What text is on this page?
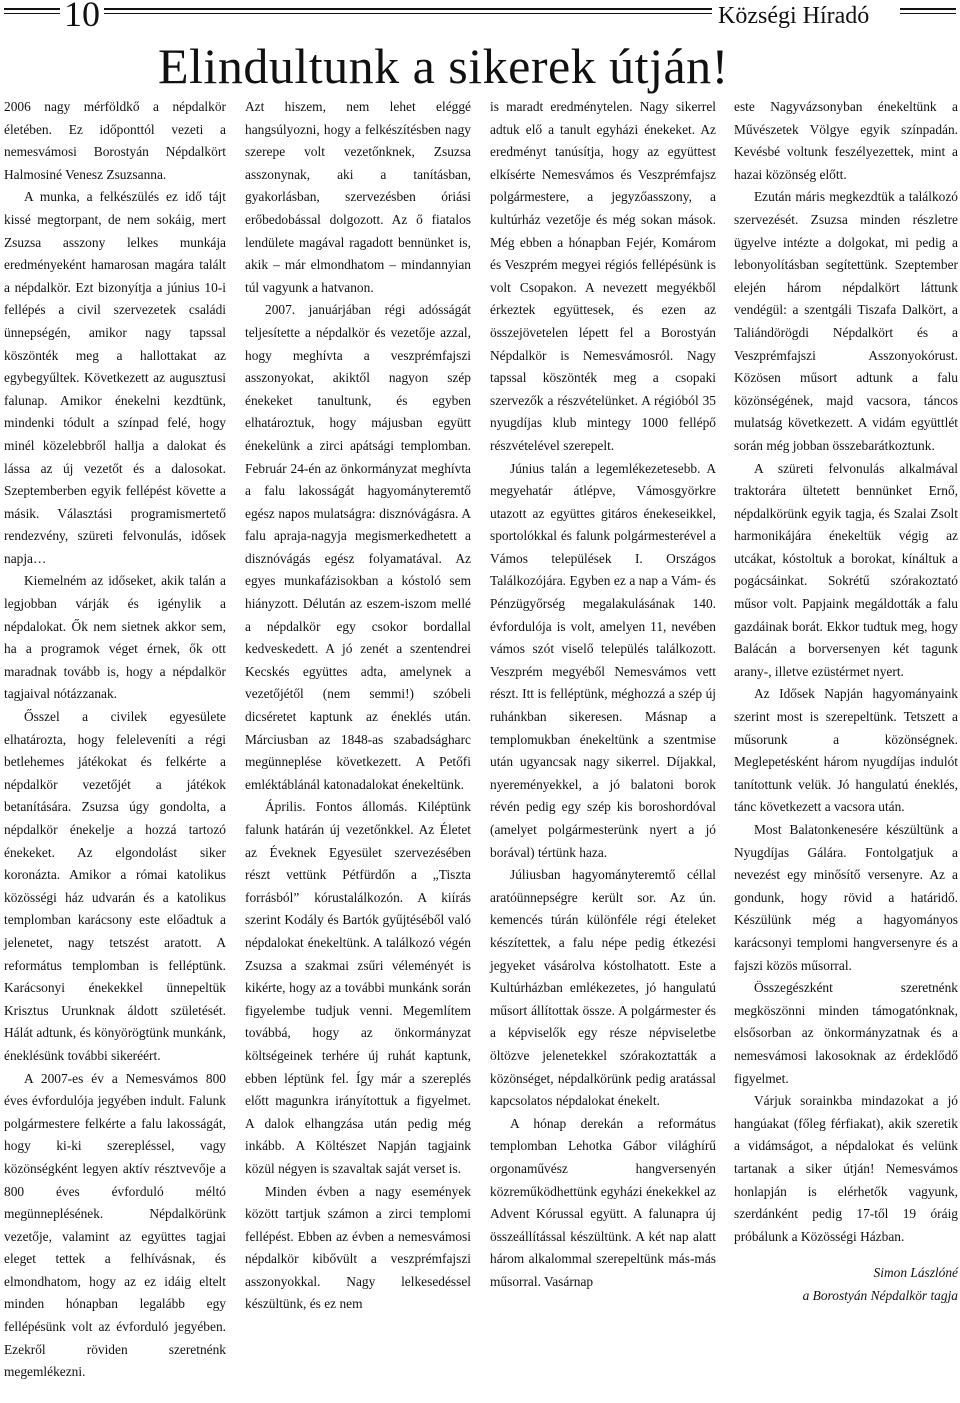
10	Községi Híradó
Elindultunk a sikerek útján!

2006 nagy mérföldkő a népdalkör életében. Ez időponttól vezeti a nemesvámosi Borostyán Népdalkört Halmosiné Venesz Zsuzsanna.

A munka, a felkészülés ez idő tájt kissé megtorpant, de nem sokáig, mert Zsuzsa asszony lelkes munkája eredményeként hamarosan magára talált a népdalkör. Ezt bizonyítja a június 10-i fellépés a civil szervezetek családi ünnepségén, amikor nagy tapssal köszönték meg a hallottakat az egybegyűltek. Következett az augusztusi falunap. Amikor énekelni kezdtünk, mindenki tódult a színpad felé, hogy minél közelebbről hallja a dalokat és lássa az új vezetőt és a dalosokat. Szeptemberben egyik fellépést követte a másik. Választási programismertető rendezvény, szüreti felvonulás, idősek napja…

Kiemelném az időseket, akik talán a legjobban várják és igénylik a népdalokat. Ők nem sietnek akkor sem, ha a programok véget érnek, ők ott maradnak tovább is, hogy a népdalkör tagjaival nótázzanak.

Ősszel a civilek egyesülete elhatározta, hogy feleleveníti a régi betlehemes játékokat és felkérte a népdalkör vezetőjét a játékok betanítására. Zsuzsa úgy gondolta, a népdalkör énekelje a hozzá tartozó énekeket. Az elgondolást siker koronázta. Amikor a római katolikus közösségi ház udvarán és a katolikus templomban karácsony este előadtuk a jelenetet, nagy tetszést aratott. A református templomban is felléptünk. Karácsonyi énekekkel ünnepeltük Krisztus Urunknak áldott születését. Hálát adtunk, és könyörögtünk munkánk, éneklésünk további sikeréért.

A 2007-es év a Nemesvámos 800 éves évfordulója jegyében indult. Falunk polgármestere felkérte a falu lakosságát, hogy ki-ki szerepléssel, vagy közönségként legyen aktív résztvevője a 800 éves évforduló méltó megünneplésének. Népdalkörünk vezetője, valamint az együttes tagjai eleget tettek a felhívásnak, és elmondhatom, hogy az ez idáig eltelt minden hónapban legalább egy fellépésünk volt az évforduló jegyében. Ezekről röviden szeretnénk megemlékezni.

Azt hiszem, nem lehet eléggé hangsúlyozni, hogy a felkészítésben nagy szerepe volt vezetőnknek, Zsuzsa asszonynak, aki a tanításban, gyakorlásban, szervezésben óriási erőbedobással dolgozott. Az ő fiatalos lendülete magával ragadott bennünket is, akik – már elmondhatom – mindannyian túl vagyunk a hatvanon.

2007. januárjában régi adósságát teljesítette a népdalkör és vezetője azzal, hogy meghívta a veszprémfajszi asszonyokat, akiktől nagyon szép énekeket tanultunk, és egyben elhatároztuk, hogy májusban együtt énekelünk a zirci apátsági templomban. Február 24-én az önkormányzat meghívta a falu lakosságát hagyományteremtő egész napos mulatságra: disznóvágásra. A falu apraja-nagyja megismerkedhetett a disznóvágás egész folyamatával. Az egyes munkafázisokban a kóstoló sem hiányzott. Délután az eszem-iszom mellé a népdalkör egy csokor bordallal kedveskedett. A jó zenét a szentendrei Kecskés együttes adta, amelynek a vezetőjétől (nem semmi!) szóbeli dicséretet kaptunk az éneklés után. Márciusban az 1848-as szabadságharc megünneplése következett. A Petőfi emléktáblánál katonadalokat énekeltünk.

Április. Fontos állomás. Kiléptünk falunk határán új vezetőnkkel. Az Életet az Éveknek Egyesület szervezésében részt vettünk Pétfürdőn a „Tiszta forrásból” kórustalálkozón. A kiírás szerint Kodály és Bartók gyűjtéséből való népdalokat énekeltünk. A találkozó végén Zsuzsa a szakmai zsűri véleményét is kikérte, hogy az a további munkánk során figyelembe tudjuk venni. Megemlítem továbbá, hogy az önkormányzat költségeinek terhére új ruhát kaptunk, ebben léptünk fel. Így már a szereplés előtt magunkra irányítottuk a figyelmet. A dalok elhangzása után pedig még inkább. A Költészet Napján tagjaink közül négyen is szavaltak saját verset is.

Minden évben a nagy események között tartjuk számon a zirci templomi fellépést. Ebben az évben a nemesvámosi népdalkör kibővült a veszprémfajszi asszonyokkal. Nagy lelkesedéssel készültünk, és ez nem

is maradt eredménytelen. Nagy sikerrel adtuk elő a tanult egyházi énekeket. Az eredményt tanúsítja, hogy az együttest elkísérte Nemesvámos és Veszprémfajsz polgármestere, a jegyzőasszony, a kultúrház vezetője és még sokan mások. Még ebben a hónapban Fejér, Komárom és Veszprém megyei régiós fellépésünk is volt Csopakon. A nevezett megyékből érkeztek együttesek, és ezen az összejövetelen lépett fel a Borostyán Népdalkör is Nemesvámosról. Nagy tapssal köszönték meg a csopaki szervezők a részvételünket. A régióból 35 nyugdíjas klub mintegy 1000 fellépő részvételével szerepelt.

Június talán a legemlékezetesebb. A megyehatár átlépve, Vámosgyörkre utazott az együttes gitáros énekeseikkel, sportolókkal és falunk polgármesterével a Vámos települések I. Országos Találkozójára. Egyben ez a nap a Vám- és Pénzügyőrség megalakulásának 140. évfordulója is volt, amelyen 11, nevében vámos szót viselő település találkozott. Veszprém megyéből Nemesvámos vett részt. Itt is felléptünk, méghozzá a szép új ruhánkban sikeresen. Másnap a templomukban énekeltünk a szentmise után ugyancsak nagy sikerrel. Díjakkal, nyereményekkel, a jó balatoni borok révén pedig egy szép kis boroshordóval (amelyet polgármesterünk nyert a jó borával) tértünk haza.

Júliusban hagyományteremtő céllal aratóünnepségre került sor. Az ún. kemencés túrán különféle régi ételeket készítettek, a falu népe pedig étkezési jegyeket vásárolva kóstolhatott. Este a Kultúrházban emlékezetes, jó hangulatú műsort állítottak össze. A polgármester és a képviselők egy része népviseletbe öltözve jelenetekkel szórakoztatták a közönséget, népdalkörünk pedig aratással kapcsolatos népdalokat énekelt.

A hónap derekán a református templomban Lehotka Gábor világhírű orgonaművész hangversenyén közreműködhettünk egyházi énekekkel az Advent Kórussal együtt. A falunapra új összeállítással készültünk. A két nap alatt három alkalommal szerepeltünk más-más műsorral. Vasárnap

este Nagyvázsonyban énekeltünk a Művészetek Völgye egyik színpadán. Kevésbé voltunk feszélyezettek, mint a hazai közönség előtt.

Ezután máris megkezdtük a találkozó szervezését. Zsuzsa minden részletre ügyelve intézte a dolgokat, mi pedig a lebonyolításban segítettünk. Szeptember elején három népdalkört láttunk vendégül: a szentgáli Tiszafa Dalkört, a Taliándörögdi Népdalkört és a Veszprémfajszi Asszonyokórust. Közösen műsort adtunk a falu közönségének, majd vacsora, táncos mulatság következett. A vidám együttlét során még jobban összebarátkoztunk.

A szüreti felvonulás alkalmával traktorára ültetett bennünket Ernő, népdalkörünk egyik tagja, és Szalai Zsolt harmonikájára énekeltük végig az utcákat, kóstoltuk a borokat, kínáltuk a pogácsáinkat. Sokrétű szórakoztató műsor volt. Papjaink megáldották a falu gazdáinak borát. Ekkor tudtuk meg, hogy Balácán a borversenyen két tagunk arany-, illetve ezüstérmet nyert.

Az Idősek Napján hagyományaink szerint most is szerepeltünk. Tetszett a műsorunk a közönségnek. Meglepetésként három nyugdíjas indulót tanítottunk velük. Jó hangulatú éneklés, tánc következett a vacsora után.

Most Balatonkenesére készültünk a Nyugdíjas Gálára. Fontolgatjuk a nevezést egy minősítő versenyre. Az a gondunk, hogy rövid a határidő. Készülünk még a hagyományos karácsonyi templomi hangversenyre és a fajszi közös műsorral.

Összegészként szeretnénk megköszönni minden támogatónknak, elsősorban az önkormányzatnak és a nemesvámosi lakosoknak az érdeklődő figyelmet.

Várjuk sorainkba mindazokat a jó hangúakat (főleg férfiakat), akik szeretik a vidámságot, a népdalokat és velünk tartanak a siker útján! Nemesvámos honlapján is elérhetők vagyunk, szerdánként pedig 17-től 19 óráig próbálunk a Közösségi Házban.

Simon Lászlóné
a Borostyán Népdalkör tagja
